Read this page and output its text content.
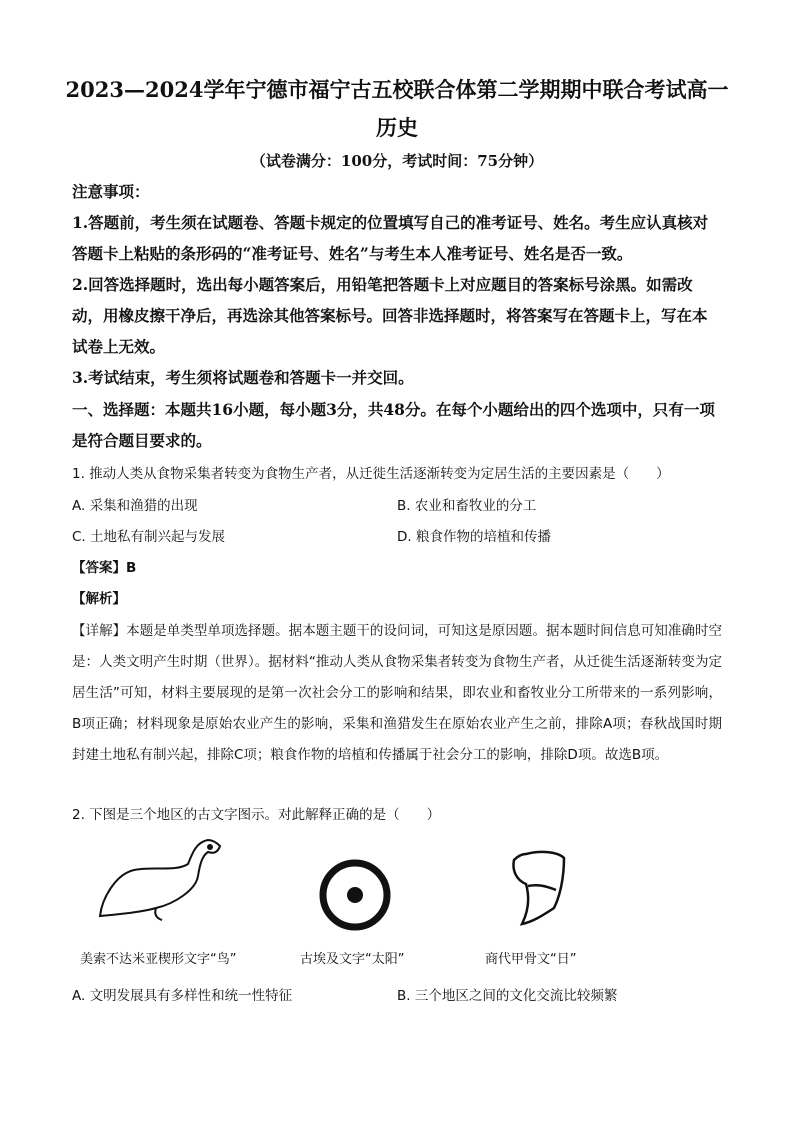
2023—2024学年宁德市福宁古五校联合体第二学期期中联合考试高一
历史
（试卷满分：100分，考试时间：75分钟）
注意事项：

1.答题前，考生须在试题卷、答题卡规定的位置填写自己的准考证号、姓名。考生应认真核对答题卡上粘贴的条形码的“准考证号、姓名”与考生本人准考证号、姓名是否一致。

2.回答选择题时，选出每小题答案后，用铅笔把答题卡上对应题目的答案标号涂黑。如需改动，用橡皮擦干净后，再选涂其他答案标号。回答非选择题时，将答案写在答题卡上，写在本试卷上无效。

3.考试结束，考生须将试题卷和答题卡一并交回。

一、选择题：本题共16小题，每小题3分，共48分。在每个小题给出的四个选项中，只有一项是符合题目要求的。

1. 推动人类从食物采集者转变为食物生产者，从迁徙生活逐渐转变为定居生活的主要因素是（　　）
A. 采集和渔猎的出现	B. 农业和畜牧业的分工
C. 土地私有制兴起与发展	D. 粮食作物的培植和传播
【答案】B
【解析】
【详解】本题是单类型单项选择题。据本题主题干的设问词，可知这是原因题。据本题时间信息可知准确时空是：人类文明产生时期（世界）。据材料“推动人类从食物采集者转变为食物生产者，从迁徙生活逐渐转变为定居生活”可知，材料主要展现的是第一次社会分工的影响和结果，即农业和畜牧业分工所带来的一系列影响，B项正确；材料现象是原始农业产生的影响，采集和渔猎发生在原始农业产生之前，排除A项；春秋战国时期封建土地私有制兴起，排除C项；粮食作物的培植和传播属于社会分工的影响，排除D项。故选B项。
2. 下图是三个地区的古文字图示。对此解释正确的是（　　）
美索不达米亚楔形文字“鸟”	古埃及文字“太阳”	商代甲骨文“日”
A. 文明发展具有多样性和统一性特征	B. 三个地区之间的文化交流比较频繁
